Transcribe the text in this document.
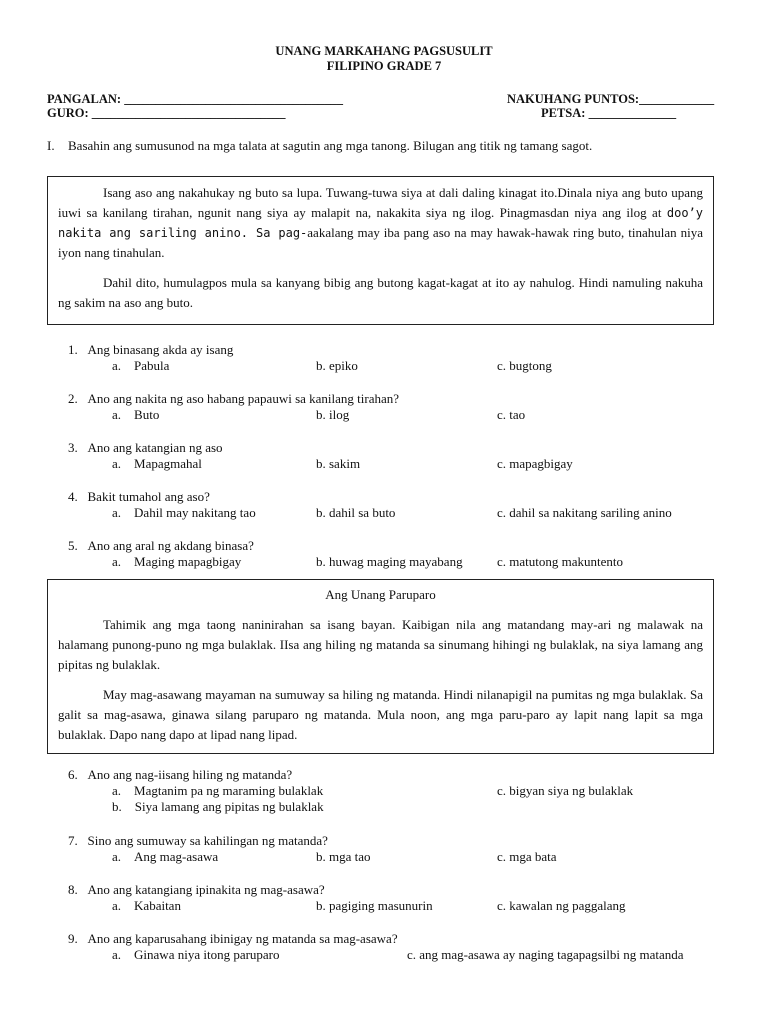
UNANG MARKAHANG PAGSUSULIT
FILIPINO GRADE 7
PANGALAN: ___________________________________
GURO: _______________________________
NAKUHANG PUNTOS:____________
PETSA: ______________
I. Basahin ang sumusunod na mga talata at sagutin ang mga tanong. Bilugan ang titik ng tamang sagot.

Isang aso ang nakahukay ng buto sa lupa. Tuwang-tuwa siya at dali daling kinagat ito.Dinala niya ang buto upang iuwi sa kanilang tirahan, ngunit nang siya ay malapit na, nakakita siya ng ilog. Pinagmasdan niya ang ilog at doo’y nakita ang sariling anino. Sa pag-aakalang may iba pang aso na may hawak-hawak ring buto, tinahulan niya iyon nang tinahulan.

Dahil dito, humulagpos mula sa kanyang bibig ang butong kagat-kagat at ito ay nahulog. Hindi namuling nakuha ng sakim na aso ang buto.

1. Ang binasang akda ay isang
a. Pabula	b. epiko	c. bugtong
2. Ano ang nakita ng aso habang papauwi sa kanilang tirahan?
a. Buto	b. ilog	c. tao
3. Ano ang katangian ng aso
a. Mapagmahal	b. sakim	c. mapagbigay
4. Bakit tumahol ang aso?
a. Dahil may nakitang tao	b. dahil sa buto	c. dahil sa nakitang sariling anino
5. Ano ang aral ng akdang binasa?
a. Maging mapagbigay	b. huwag maging mayabang	c. matutong makuntento

Ang Unang Paruparo

Tahimik ang mga taong naninirahan sa isang bayan. Kaibigan nila ang matandang may-ari ng malawak na halamang punong-puno ng mga bulaklak. IIsa ang hiling ng matanda sa sinumang hihingi ng bulaklak, na siya lamang ang pipitas ng bulaklak.

May mag-asawang mayaman na sumuway sa hiling ng matanda. Hindi nilanapigil na pumitas ng mga bulaklak. Sa galit sa mag-asawa, ginawa silang paruparo ng matanda. Mula noon, ang mga paru-paro ay lapit nang lapit sa mga bulaklak. Dapo nang dapo at lipad nang lipad.

6. Ano ang nag-iisang hiling ng matanda?
a. Magtanim pa ng maraming bulaklak	c. bigyan siya ng bulaklak
b. Siya lamang ang pipitas ng bulaklak
7. Sino ang sumuway sa kahilingan ng matanda?
a. Ang mag-asawa	b. mga tao	c. mga bata
8. Ano ang katangiang ipinakita ng mag-asawa?
a. Kabaitan	b. pagiging masunurin	c. kawalan ng paggalang
9. Ano ang kaparusahang ibinigay ng matanda sa mag-asawa?
a. Ginawa niya itong paruparo	c. ang mag-asawa ay naging tagapagsilbi ng matanda
